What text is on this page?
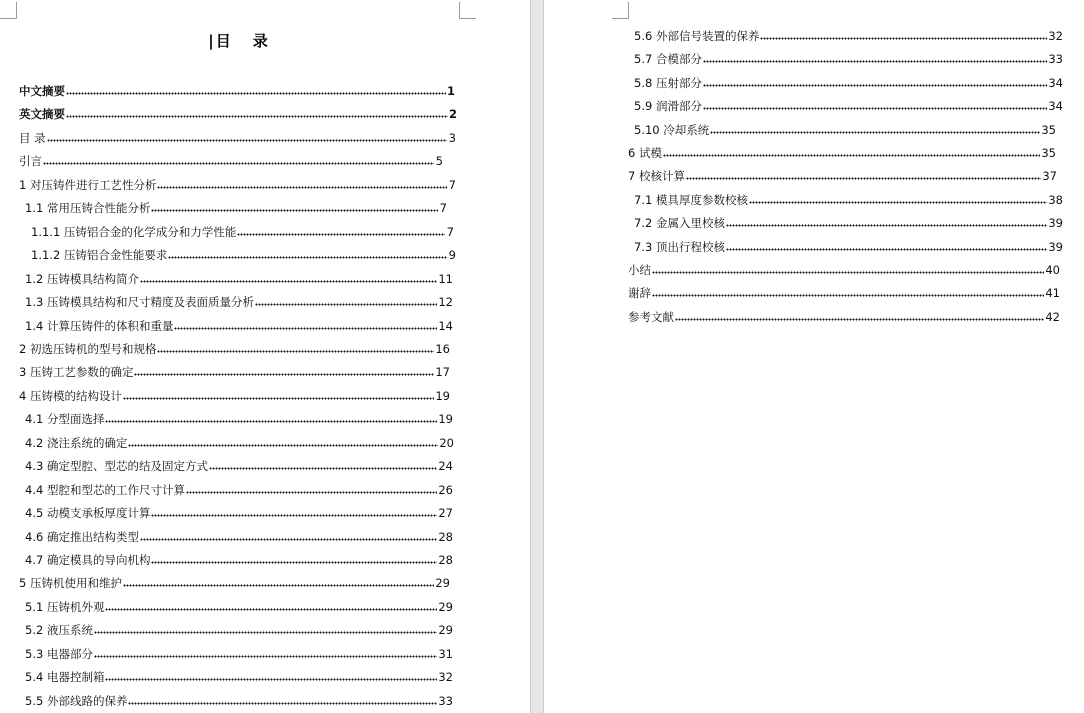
| 目 录
中文摘要	1
英文摘要	2
目 录	3
引言	5
1 对压铸件进行工艺性分析	7
1.1 常用压铸合性能分析	7
1.1.1 压铸铝合金的化学成分和力学性能	7
1.1.2 压铸铝合金性能要求	9
1.2 压铸模具结构简介	11
1.3 压铸模具结构和尺寸精度及表面质量分析	12
1.4 计算压铸件的体积和重量	14
2 初选压铸机的型号和规格	16
3 压铸工艺参数的确定	17
4 压铸模的结构设计	19
4.1 分型面选择	19
4.2 浇注系统的确定	20
4.3 确定型腔、型芯的结及固定方式	24
4.4 型腔和型芯的工作尺寸计算	26
4.5 动模支承板厚度计算	27
4.6 确定推出结构类型	28
4.7 确定模具的导向机构	28
5 压铸机使用和维护	29
5.1 压铸机外观	29
5.2 液压系统	29
5.3 电器部分	31
5.4 电器控制箱	32
5.5 外部线路的保养	33
5.6 外部信号装置的保养	32
5.7 合模部分	33
5.8 压射部分	34
5.9 润滑部分	34
5.10 冷却系统	35
6 试模	35
7 校核计算	37
7.1 模具厚度参数校核	38
7.2 金属入里校核	39
7.3 顶出行程校核	39
小结	40
谢辞	41
参考文献	42
